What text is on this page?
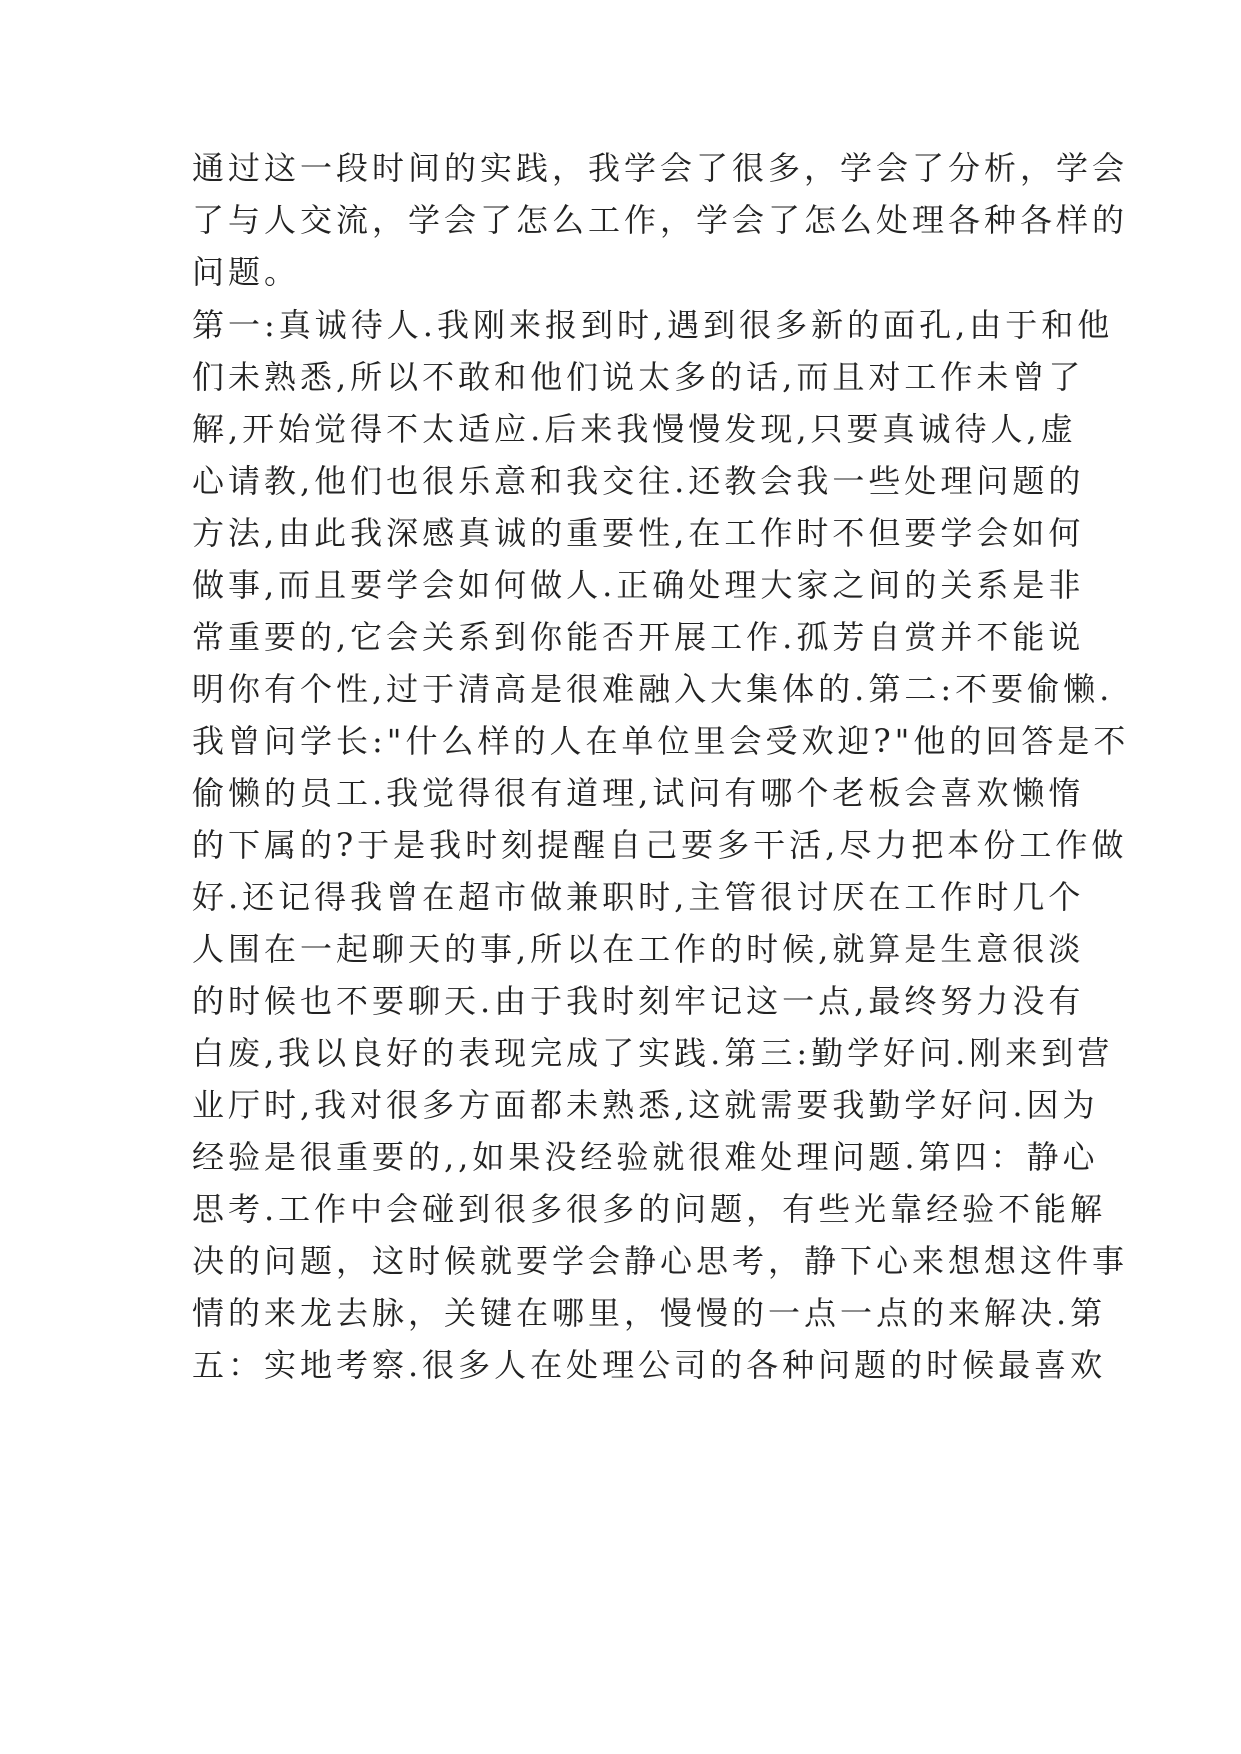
通过这一段时间的实践，我学会了很多，学会了分析，学会
了与人交流，学会了怎么工作，学会了怎么处理各种各样的
问题。
第一:真诚待人.我刚来报到时,遇到很多新的面孔,由于和他
们未熟悉,所以不敢和他们说太多的话,而且对工作未曾了
解,开始觉得不太适应.后来我慢慢发现,只要真诚待人,虚
心请教,他们也很乐意和我交往.还教会我一些处理问题的
方法,由此我深感真诚的重要性,在工作时不但要学会如何
做事,而且要学会如何做人.正确处理大家之间的关系是非
常重要的,它会关系到你能否开展工作.孤芳自赏并不能说
明你有个性,过于清高是很难融入大集体的.第二:不要偷懒.
我曾问学长:"什么样的人在单位里会受欢迎?"他的回答是不
偷懒的员工.我觉得很有道理,试问有哪个老板会喜欢懒惰
的下属的?于是我时刻提醒自己要多干活,尽力把本份工作做
好.还记得我曾在超市做兼职时,主管很讨厌在工作时几个
人围在一起聊天的事,所以在工作的时候,就算是生意很淡
的时候也不要聊天.由于我时刻牢记这一点,最终努力没有
白废,我以良好的表现完成了实践.第三:勤学好问.刚来到营
业厅时,我对很多方面都未熟悉,这就需要我勤学好问.因为
经验是很重要的,,如果没经验就很难处理问题.第四：静心
思考.工作中会碰到很多很多的问题，有些光靠经验不能解
决的问题，这时候就要学会静心思考，静下心来想想这件事
情的来龙去脉，关键在哪里，慢慢的一点一点的来解决.第
五：实地考察.很多人在处理公司的各种问题的时候最喜欢
